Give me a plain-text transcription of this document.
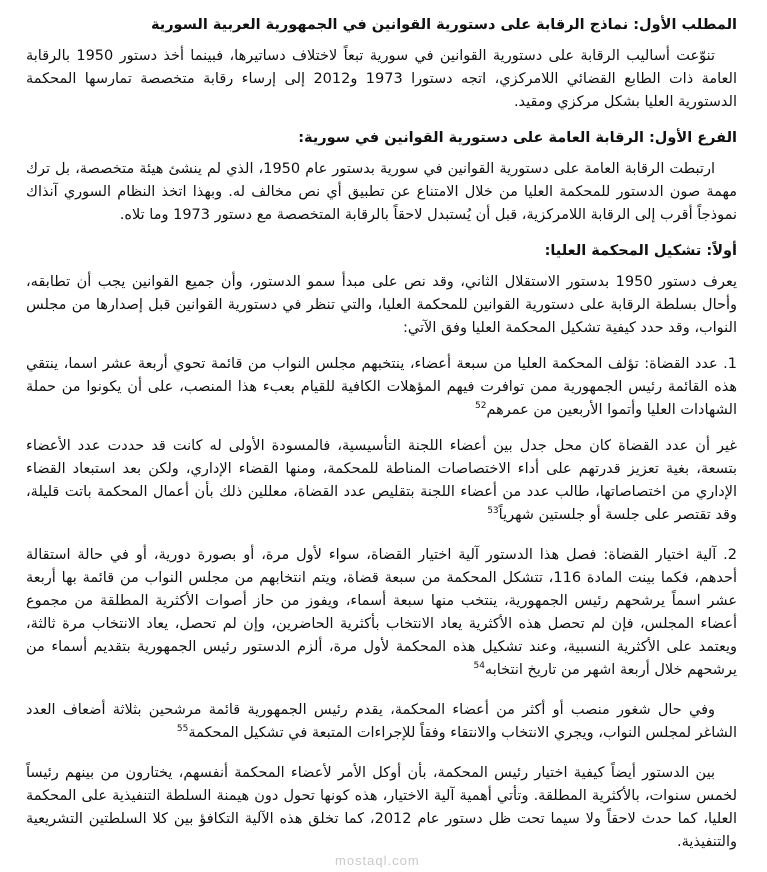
المطلب الأول: نماذج الرقابة على دستورية القوانين في الجمهورية العربية السورية

تنوّعت أساليب الرقابة على دستورية القوانين في سورية تبعاً لاختلاف دساتيرها، فبينما أخذ دستور 1950 بالرقابة العامة ذات الطابع القضائي اللامركزي، اتجه دستورا 1973 و2012 إلى إرساء رقابة متخصصة تمارسها المحكمة الدستورية العليا بشكل مركزي ومقيد.

الفرع الأول: الرقابة العامة على دستورية القوانين في سورية:

ارتبطت الرقابة العامة على دستورية القوانين في سورية بدستور عام 1950، الذي لم ينشئ هيئة متخصصة، بل ترك مهمة صون الدستور للمحكمة العليا من خلال الامتناع عن تطبيق أي نص مخالف له. وبهذا اتخذ النظام السوري آنذاك نموذجاً أقرب إلى الرقابة اللامركزية، قبل أن يُستبدل لاحقاً بالرقابة المتخصصة مع دستور 1973 وما تلاه.

أولاً: تشكيل المحكمة العليا:

يعرف دستور 1950 بدستور الاستقلال الثاني، وقد نص على مبدأ سمو الدستور، وأن جميع القوانين يجب أن تطابقه، وأحال بسلطة الرقابة على دستورية القوانين للمحكمة العليا، والتي تنظر في دستورية القوانين قبل إصدارها من مجلس النواب، وقد حدد كيفية تشكيل المحكمة العليا وفق الآتي:

1. عدد القضاة: تؤلف المحكمة العليا من سبعة أعضاء، ينتخبهم مجلس النواب من قائمة تحوي أربعة عشر اسما، ينتقي هذه القائمة رئيس الجمهورية ممن توافرت فيهم المؤهلات الكافية للقيام بعبء هذا المنصب، على أن يكونوا من حملة الشهادات العليا وأتموا الأربعين من عمرهم$^{52}$

غير أن عدد القضاة كان محل جدل بين أعضاء اللجنة التأسيسية، فالمسودة الأولى له كانت قد حددت عدد الأعضاء بتسعة، بغية تعزيز قدرتهم على أداء الاختصاصات المناطة للمحكمة، ومنها القضاء الإداري، ولكن بعد استبعاد القضاء الإداري من اختصاصاتها، طالب عدد من أعضاء اللجنة بتقليص عدد القضاة، معللين ذلك بأن أعمال المحكمة باتت قليلة، وقد تقتصر على جلسة أو جلستين شهرياً$^{53}$

2. آلية اختيار القضاة: فصل هذا الدستور آلية اختيار القضاة، سواء لأول مرة، أو بصورة دورية، أو في حالة استقالة أحدهم، فكما بينت المادة 116، تتشكل المحكمة من سبعة قضاة، ويتم انتخابهم من مجلس النواب من قائمة بها أربعة عشر اسماً يرشحهم رئيس الجمهورية، ينتخب منها سبعة أسماء، ويفوز من حاز أصوات الأكثرية المطلقة من مجموع أعضاء المجلس، فإن لم تحصل هذه الأكثرية يعاد الانتخاب بأكثرية الحاضرين، وإن لم تحصل، يعاد الانتخاب مرة ثالثة، ويعتمد على الأكثرية النسبية، وعند تشكيل هذه المحكمة لأول مرة، ألزم الدستور رئيس الجمهورية بتقديم أسماء من يرشحهم خلال أربعة اشهر من تاريخ انتخابه$^{54}$

وفي حال شغور منصب أو أكثر من أعضاء المحكمة، يقدم رئيس الجمهورية قائمة مرشحين بثلاثة أضعاف العدد الشاغر لمجلس النواب، ويجري الانتخاب والانتقاء وفقاً للإجراءات المتبعة في تشكيل المحكمة$^{55}$

بين الدستور أيضاً كيفية اختيار رئيس المحكمة، بأن أوكل الأمر لأعضاء المحكمة أنفسهم، يختارون من بينهم رئيساً لخمس سنوات، بالأكثرية المطلقة. وتأتي أهمية آلية الاختيار، هذه كونها تحول دون هيمنة السلطة التنفيذية على المحكمة العليا، كما حدث لاحقاً ولا سيما تحت ظل دستور عام 2012، كما تخلق هذه الآلية التكافؤ بين كلا السلطتين التشريعية والتنفيذية.

mostaql.com
